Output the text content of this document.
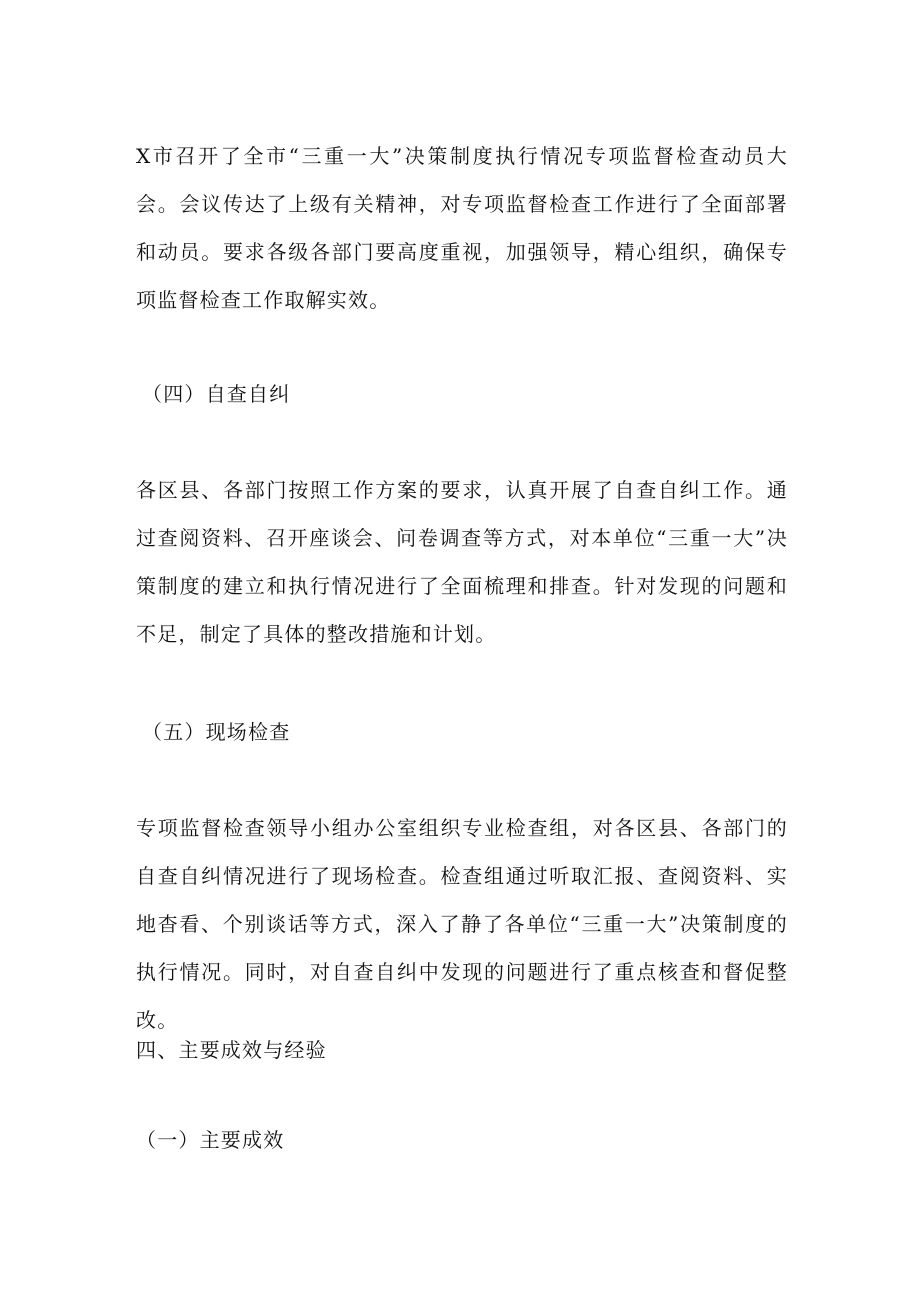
X市召开了全市“三重一大”决策制度执行情况专项监督检查动员大会。会议传达了上级有关精神，对专项监督检查工作进行了全面部署和动员。要求各级各部门要高度重视，加强领导，精心组织，确保专项监督检查工作取解实效。

（四）自查自纠

各区县、各部门按照工作方案的要求，认真开展了自查自纠工作。通过查阅资料、召开座谈会、问卷调查等方式，对本单位“三重一大”决策制度的建立和执行情况进行了全面梳理和排查。针对发现的问题和不足，制定了具体的整改措施和计划。

（五）现场检查

专项监督检查领导小组办公室组织专业检查组，对各区县、各部门的自查自纠情况进行了现场检查。检查组通过听取汇报、查阅资料、实地杳看、个别谈话等方式，深入了静了各单位“三重一大”决策制度的执行情况。同时，对自查自纠中发现的问题进行了重点核查和督促整改。

四、主要成效与经验

（一）主要成效
